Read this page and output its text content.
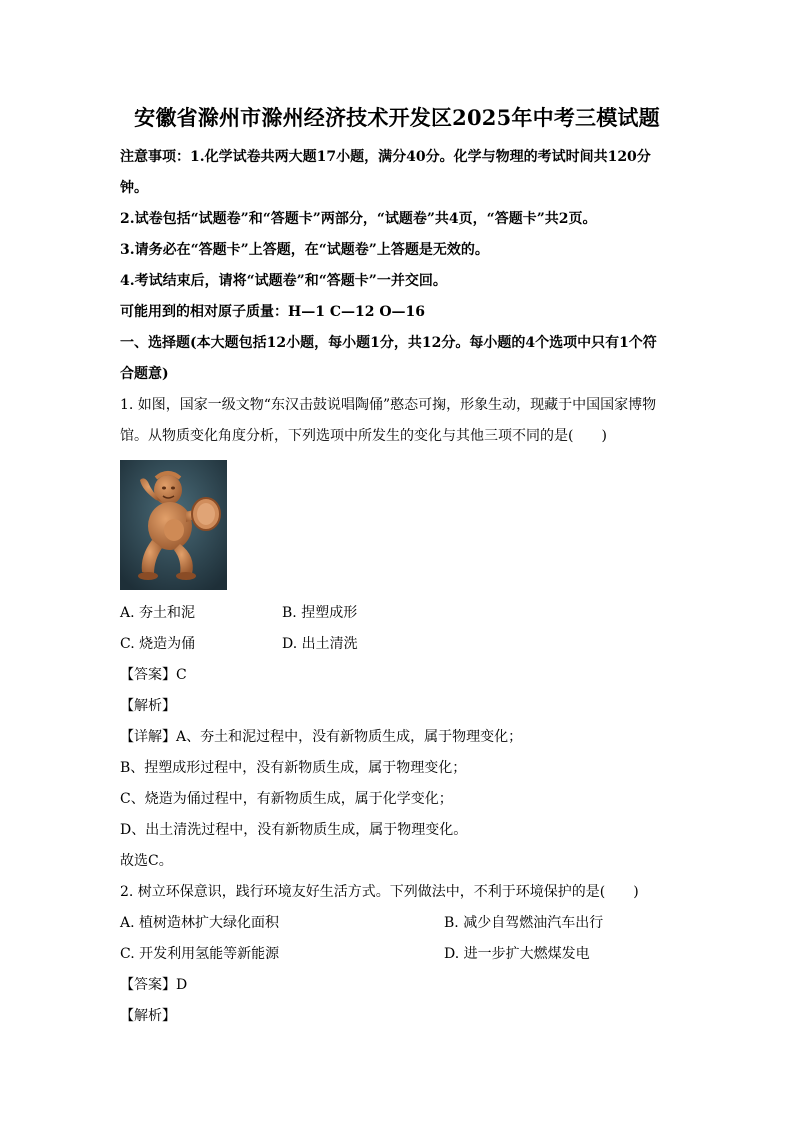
安徽省滁州市滁州经济技术开发区2025年中考三模试题
注意事项：1.化学试卷共两大题17小题，满分40分。化学与物理的考试时间共120分
钟。
2.试卷包括“试题卷”和“答题卡”两部分，“试题卷”共4页，“答题卡”共2页。
3.请务必在“答题卡”上答题，在“试题卷”上答题是无效的。
4.考试结束后，请将“试题卷”和“答题卡”一并交回。
可能用到的相对原子质量：H—1 C—12 O—16
一、选择题(本大题包括12小题，每小题1分，共12分。每小题的4个选项中只有1个符
合题意)
1. 如图，国家一级文物“东汉击鼓说唱陶俑”憨态可掬，形象生动，现藏于中国国家博物
馆。从物质变化角度分析，下列选项中所发生的变化与其他三项不同的是(　　)
A. 夯土和泥	B. 捏塑成形
C. 烧造为俑	D. 出土清洗
【答案】C
【解析】
【详解】A、夯土和泥过程中，没有新物质生成，属于物理变化；
B、捏塑成形过程中，没有新物质生成，属于物理变化；
C、烧造为俑过程中，有新物质生成，属于化学变化；
D、出土清洗过程中，没有新物质生成，属于物理变化。
故选C。
2. 树立环保意识，践行环境友好生活方式。下列做法中，不利于环境保护的是(　　)
A. 植树造林扩大绿化面积	B. 减少自驾燃油汽车出行
C. 开发利用氢能等新能源	D. 进一步扩大燃煤发电
【答案】D
【解析】
